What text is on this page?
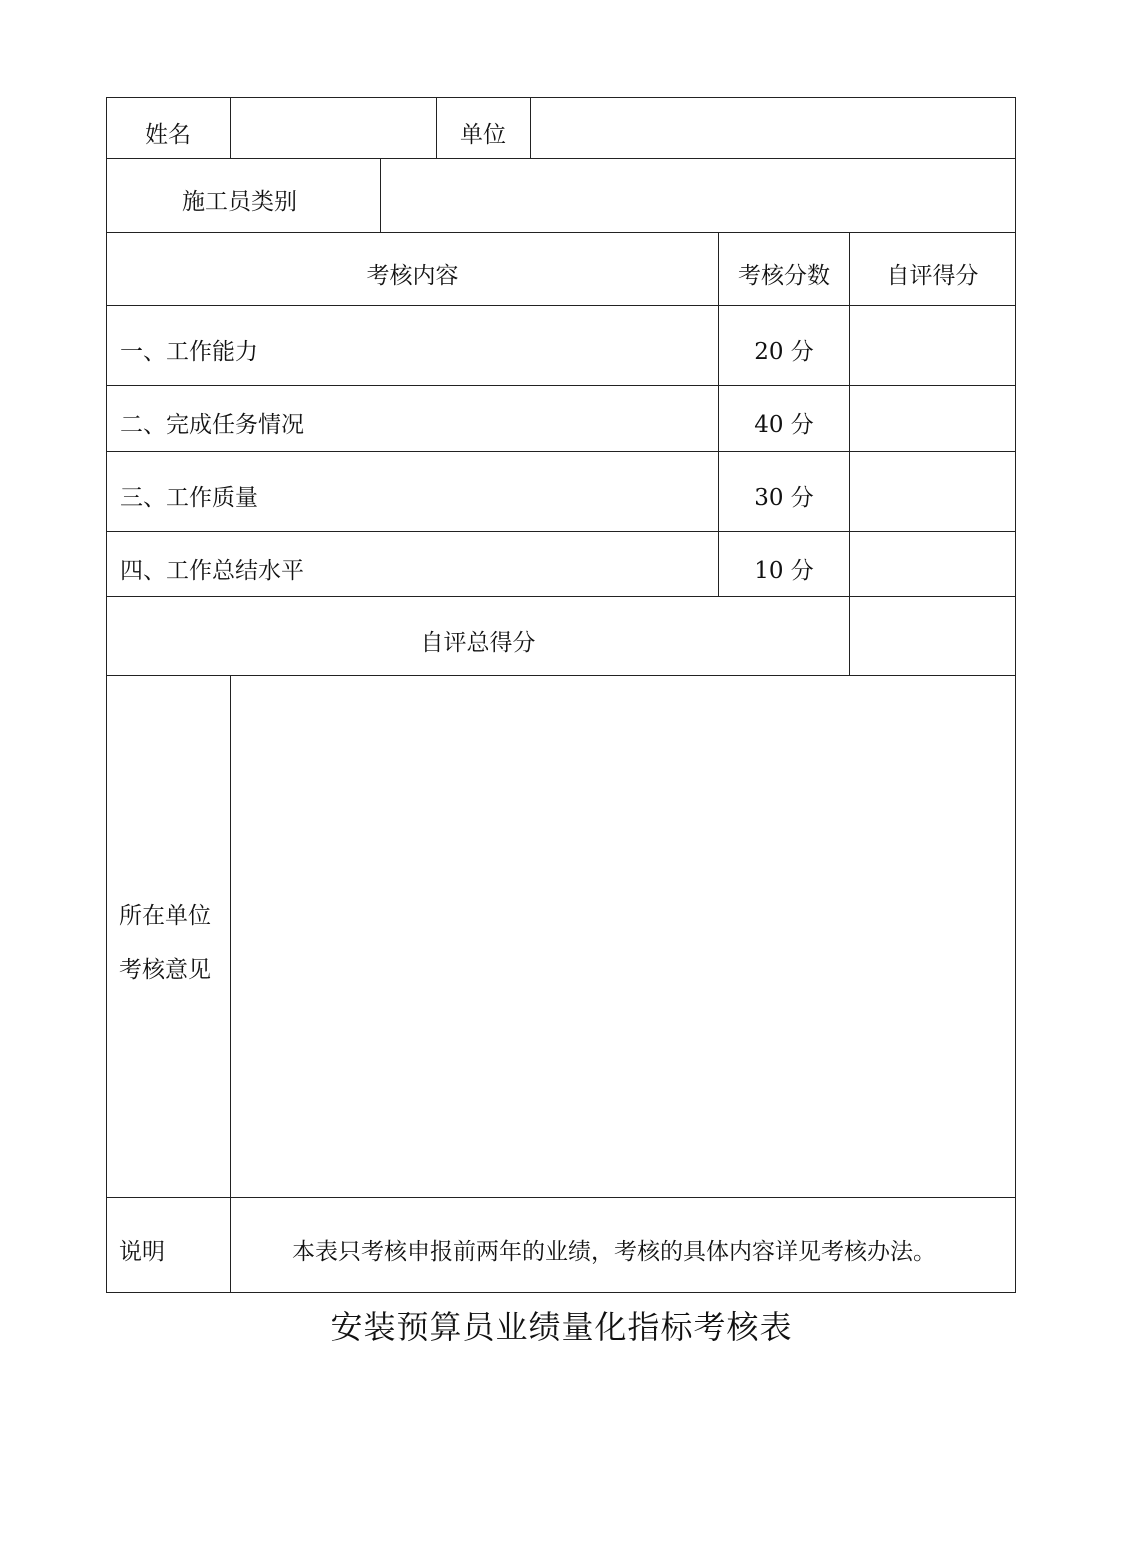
姓名	单位
施工员类别
考核内容	考核分数	自评得分
一、工作能力	20 分
二、完成任务情况	40 分
三、工作质量	30 分
四、工作总结水平	10 分
自评总得分
所在单位
考核意见
说明	本表只考核申报前两年的业绩，考核的具体内容详见考核办法。
安装预算员业绩量化指标考核表
